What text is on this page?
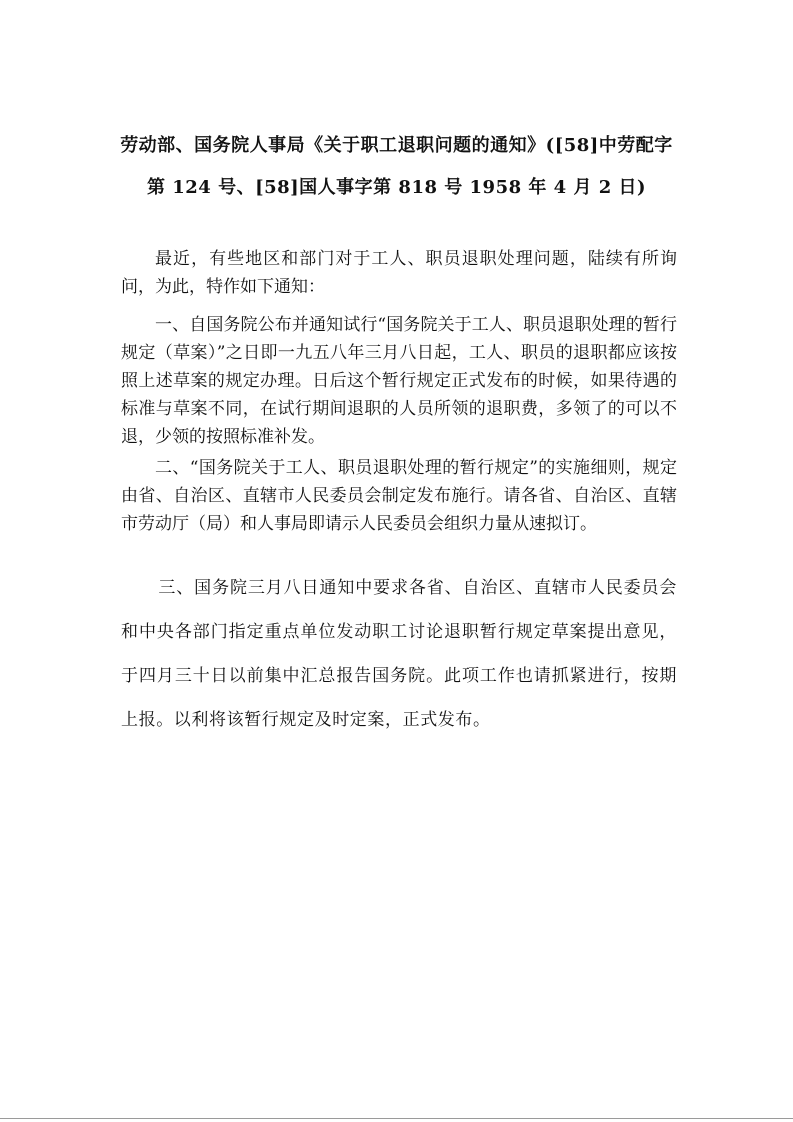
劳动部、国务院人事局《关于职工退职问题的通知》([58]中劳配字
第 124 号、[58]国人事字第 818 号 1958 年 4 月 2 日)
最近，有些地区和部门对于工人、职员退职处理问题，陆续有所询问，为此，特作如下通知：
一、自国务院公布并通知试行“国务院关于工人、职员退职处理的暂行规定（草案）”之日即一九五八年三月八日起，工人、职员的退职都应该按照上述草案的规定办理。日后这个暂行规定正式发布的时候，如果待遇的标准与草案不同，在试行期间退职的人员所领的退职费，多领了的可以不退，少领的按照标准补发。
二、“国务院关于工人、职员退职处理的暂行规定”的实施细则，规定由省、自治区、直辖市人民委员会制定发布施行。请各省、自治区、直辖市劳动厅（局）和人事局即请示人民委员会组织力量从速拟订。
三、国务院三月八日通知中要求各省、自治区、直辖市人民委员会和中央各部门指定重点单位发动职工讨论退职暂行规定草案提出意见，于四月三十日以前集中汇总报告国务院。此项工作也请抓紧进行，按期上报。以利将该暂行规定及时定案，正式发布。
